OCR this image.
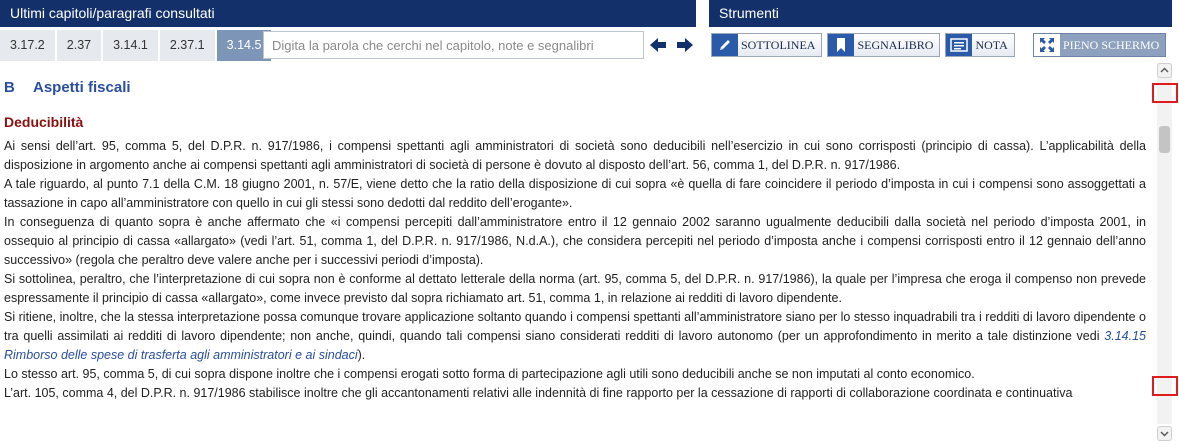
Ultimi capitoli/paragrafi consultati	Strumenti
3.17.2	2.37	3.14.1	2.37.1	3.14.5
Digita la parola che cerchi nel capitolo, note e segnalibri	SOTTOLINEA	SEGNALIBRO	NOTA	PIENO SCHERMO
B	Aspetti fiscali
Deducibilità

Ai sensi dell’art. 95, comma 5, del D.P.R. n. 917/1986, i compensi spettanti agli amministratori di società sono deducibili nell’esercizio in cui sono corrisposti (principio di cassa). L’applicabilità della disposizione in argomento anche ai compensi spettanti agli amministratori di società di persone è dovuto al disposto dell’art. 56, comma 1, del D.P.R. n. 917/1986.

A tale riguardo, al punto 7.1 della C.M. 18 giugno 2001, n. 57/E, viene detto che la ratio della disposizione di cui sopra «è quella di fare coincidere il periodo d’imposta in cui i compensi sono assoggettati a tassazione in capo all’amministratore con quello in cui gli stessi sono dedotti dal reddito dell’erogante».

In conseguenza di quanto sopra è anche affermato che «i compensi percepiti dall’amministratore entro il 12 gennaio 2002 saranno ugualmente deducibili dalla società nel periodo d’imposta 2001, in ossequio al principio di cassa «allargato» (vedi l’art. 51, comma 1, del D.P.R. n. 917/1986, N.d.A.), che considera percepiti nel periodo d’imposta anche i compensi corrisposti entro il 12 gennaio dell’anno successivo» (regola che peraltro deve valere anche per i successivi periodi d’imposta).

Si sottolinea, peraltro, che l’interpretazione di cui sopra non è conforme al dettato letterale della norma (art. 95, comma 5, del D.P.R. n. 917/1986), la quale per l’impresa che eroga il compenso non prevede espressamente il principio di cassa «allargato», come invece previsto dal sopra richiamato art. 51, comma 1, in relazione ai redditi di lavoro dipendente.

Si ritiene, inoltre, che la stessa interpretazione possa comunque trovare applicazione soltanto quando i compensi spettanti all’amministratore siano per lo stesso inquadrabili tra i redditi di lavoro dipendente o tra quelli assimilati ai redditi di lavoro dipendente; non anche, quindi, quando tali compensi siano considerati redditi di lavoro autonomo (per un approfondimento in merito a tale distinzione vedi 3.14.15 Rimborso delle spese di trasferta agli amministratori e ai sindaci).

Lo stesso art. 95, comma 5, di cui sopra dispone inoltre che i compensi erogati sotto forma di partecipazione agli utili sono deducibili anche se non imputati al conto economico.

L’art. 105, comma 4, del D.P.R. n. 917/1986 stabilisce inoltre che gli accantonamenti relativi alle indennità di fine rapporto per la cessazione di rapporti di collaborazione coordinata e continuativa
